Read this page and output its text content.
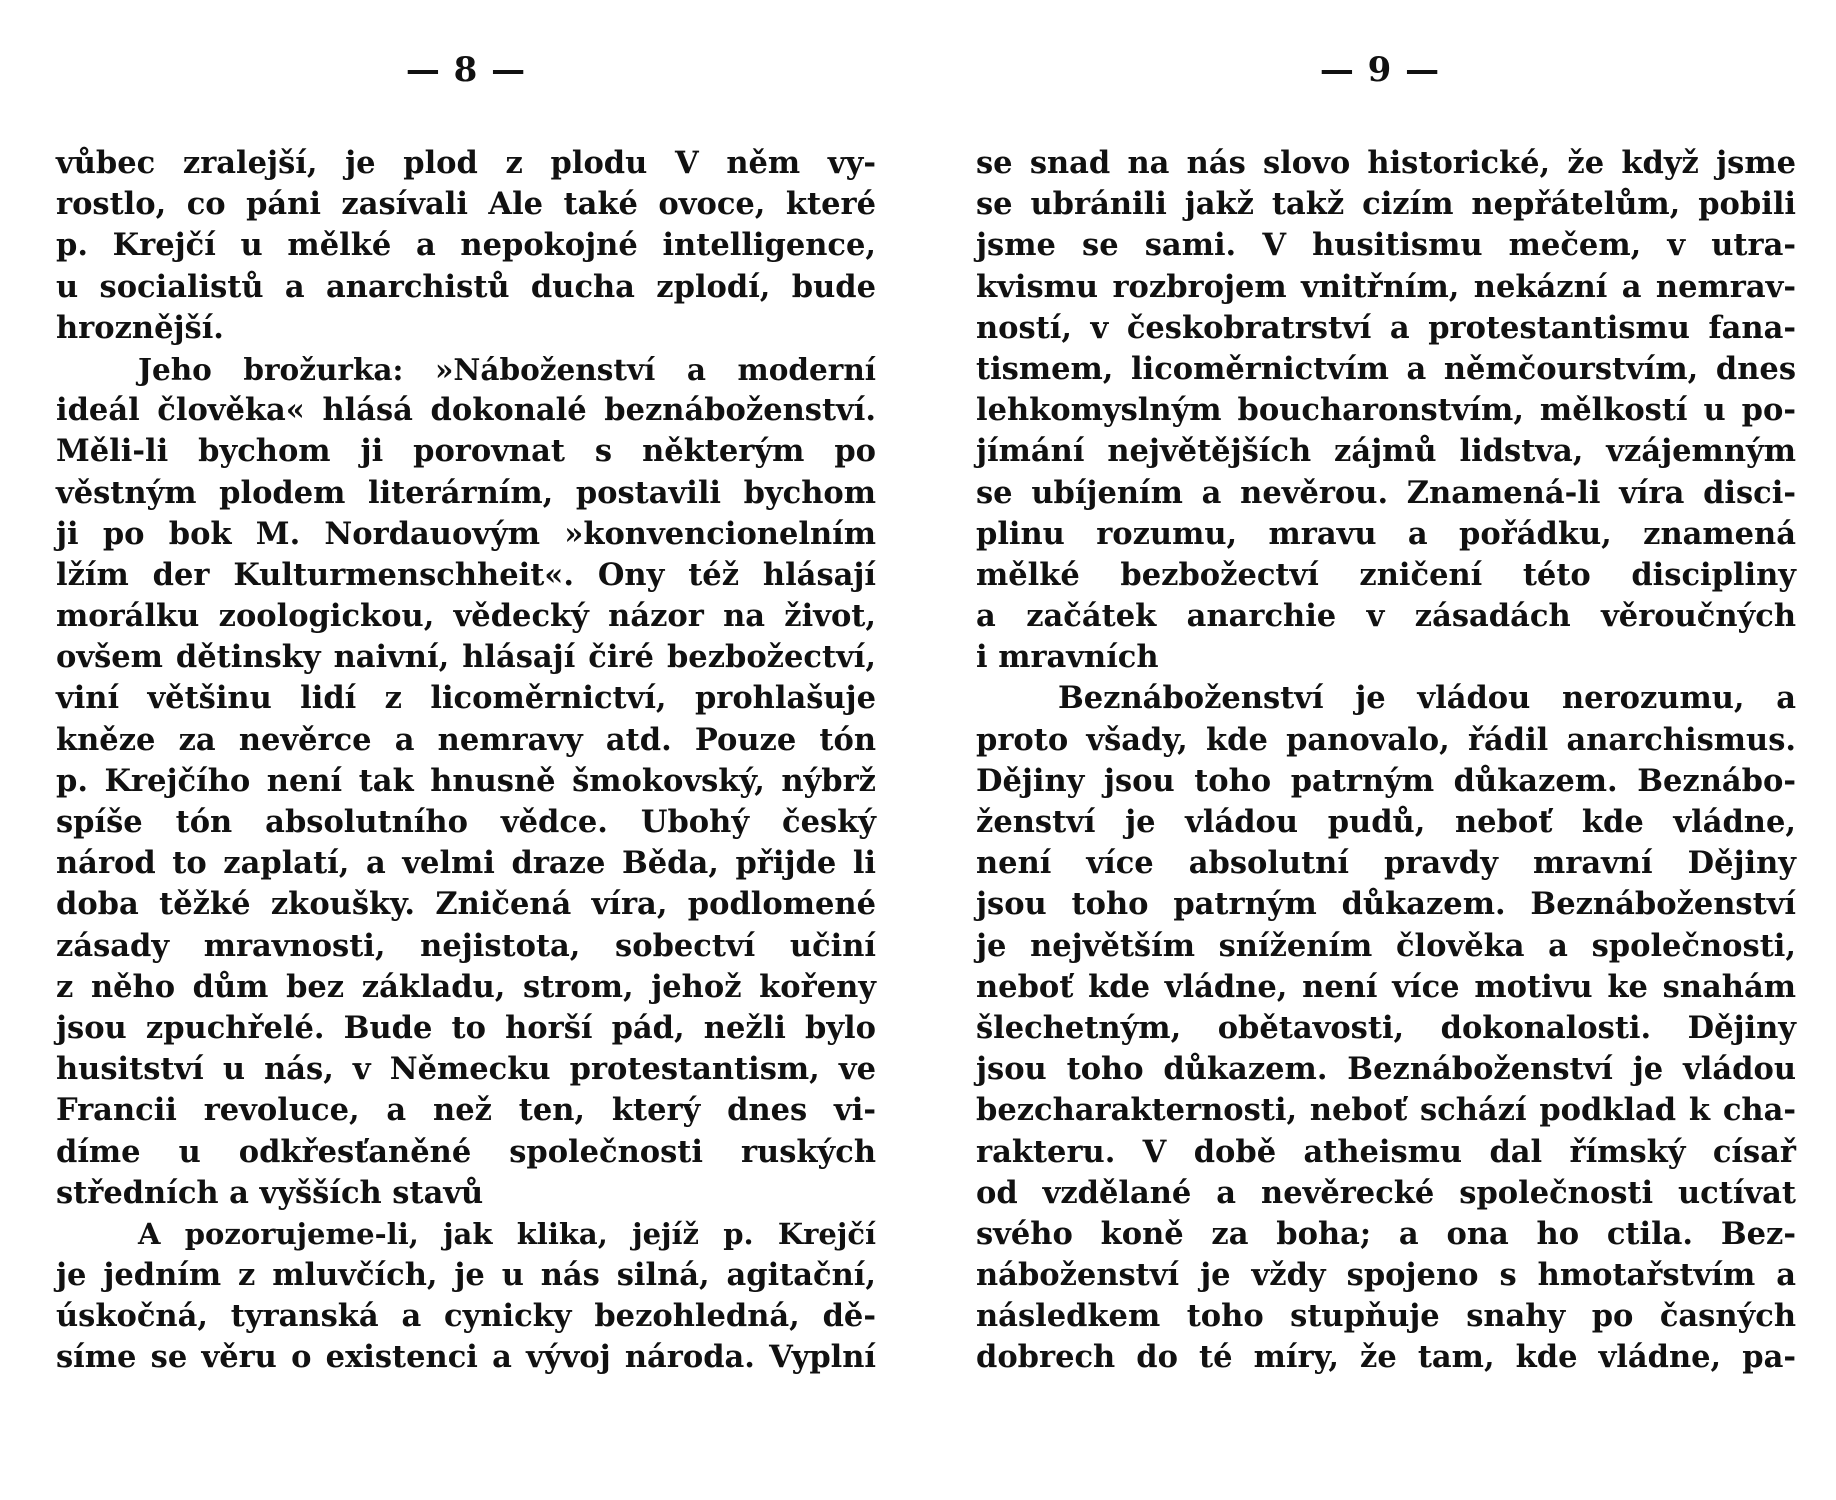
— 8 —
vůbec zralejší, je plod z plodu V něm vy-
rostlo, co páni zasívali Ale také ovoce, které
p. Krejčí u mělké a nepokojné intelligence,
u socialistů a anarchistů ducha zplodí, bude
hroznější.
Jeho brožurka: »Náboženství a moderní
ideál člověka« hlásá dokonalé beznáboženství.
Měli-li bychom ji porovnat s některým po
věstným plodem literárním, postavili bychom
ji po bok M. Nordauovým »konvencionelním
lžím der Kulturmenschheit«. Ony též hlásají
morálku zoologickou, vědecký názor na život,
ovšem dětinsky naivní, hlásají čiré bezbožectví,
viní většinu lidí z licoměrnictví, prohlašuje
kněze za nevěrce a nemravy atd. Pouze tón
p. Krejčího není tak hnusně šmokovský, nýbrž
spíše tón absolutního vědce. Ubohý český
národ to zaplatí, a velmi draze Běda, přijde li
doba těžké zkoušky. Zničená víra, podlomené
zásady mravnosti, nejistota, sobectví učiní
z něho dům bez základu, strom, jehož kořeny
jsou zpuchřelé. Bude to horší pád, nežli bylo
husitství u nás, v Německu protestantism, ve
Francii revoluce, a než ten, který dnes vi-
díme u odkřesťaněné společnosti ruských
středních a vyšších stavů
A pozorujeme-li, jak klika, jejíž p. Krejčí
je jedním z mluvčích, je u nás silná, agitační,
úskočná, tyranská a cynicky bezohledná, dě-
síme se věru o existenci a vývoj národa. Vyplní
— 9 —
se snad na nás slovo historické, že když jsme
se ubránili jakž takž cizím nepřátelům, pobili
jsme se sami. V husitismu mečem, v utra-
kvismu rozbrojem vnitřním, nekázní a nemrav-
ností, v českobratrství a protestantismu fana-
tismem, licoměrnictvím a němčourstvím, dnes
lehkomyslným boucharonstvím, mělkostí u po-
jímání největějších zájmů lidstva, vzájemným
se ubíjením a nevěrou. Znamená-li víra disci-
plinu rozumu, mravu a pořádku, znamená
mělké bezbožectví zničení této discipliny
a začátek anarchie v zásadách věroučných
i mravních
Beznáboženství je vládou nerozumu, a
proto všady, kde panovalo, řádil anarchismus.
Dějiny jsou toho patrným důkazem. Beznábo-
ženství je vládou pudů, neboť kde vládne,
není více absolutní pravdy mravní Dějiny
jsou toho patrným důkazem. Beznáboženství
je největším snížením člověka a společnosti,
neboť kde vládne, není více motivu ke snahám
šlechetným, obětavosti, dokonalosti. Dějiny
jsou toho důkazem. Beznáboženství je vládou
bezcharakternosti, neboť schází podklad k cha-
rakteru. V době atheismu dal římský císař
od vzdělané a nevěrecké společnosti uctívat
svého koně za boha; a ona ho ctila. Bez-
náboženství je vždy spojeno s hmotařstvím a
následkem toho stupňuje snahy po časných
dobrech do té míry, že tam, kde vládne, pa-
